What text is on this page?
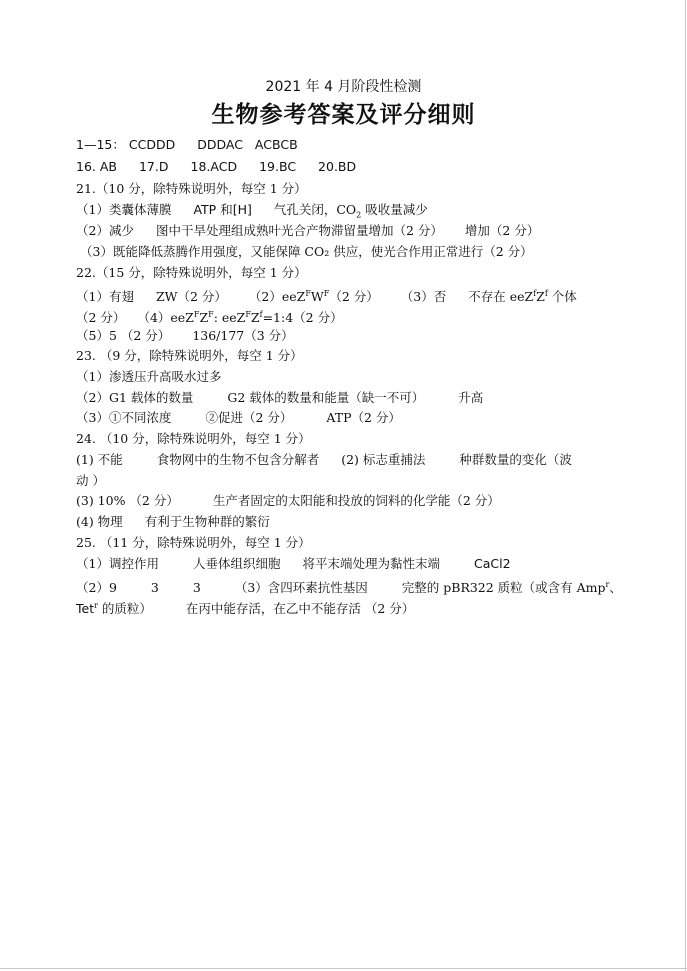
2021 年 4 月阶段性检测
生物参考答案及评分细则
1—15： CCDDD DDDAC ACBCB
16. AB 17.D 18.ACD 19.BC 20.BD
21.（10 分，除特殊说明外，每空 1 分）
（1）类囊体薄膜 ATP 和[H] 气孔关闭，$CO_2$ 吸收量减少
（2）减少 图中干旱处理组成熟叶光合产物滞留量增加（2 分） 增加（2 分）
（3）既能降低蒸腾作用强度，又能保障 CO₂ 供应，使光合作用正常进行（2 分）
22.（15 分，除特殊说明外，每空 1 分）
（1）有翅 ZW（2 分） $(2)eeZ^FW^F(2$ 分） （3）否 不存在 $eeZ^fZ^f$ 个体
（2 分） $(4)eeZ^FZ^F$: $eeZ^FZ^f=1:4(2$ 分）
（5）5 （2 分） 136/177（3 分）
23. （9 分，除特殊说明外，每空 1 分）
（1）渗透压升高吸水过多
（2）G1 载体的数量	G2 载体的数量和能量（缺一不可）	升高
（3）①不同浓度	②促进（2 分）	ATP（2 分）
24. （10 分，除特殊说明外，每空 1 分）
(1) 不能	食物网中的生物不包含分解者 (2) 标志重捕法	种群数量的变化（波
动 ）
(3) 10% （2 分）	生产者固定的太阳能和投放的饲料的化学能（2 分）
(4) 物理 有利于生物种群的繁衍
25. （11 分，除特殊说明外，每空 1 分）
（1）调控作用	人垂体组织细胞 将平末端处理为黏性末端	CaCl2
（2）9	3	3	（3）含四环素抗性基因	完整的 pBR322 质粒（或含有 Amp$^r$、
Tet$^r$ 的质粒）	在丙中能存活，在乙中不能存活 （2 分）
